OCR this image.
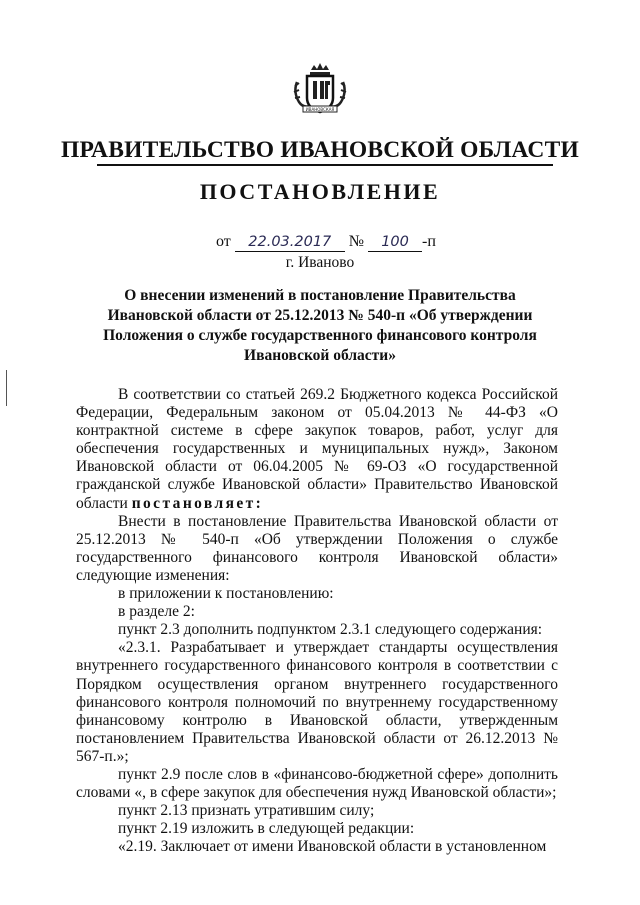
ИВАНОВСКАЯ
ПРАВИТЕЛЬСТВО ИВАНОВСКОЙ ОБЛАСТИ
ПОСТАНОВЛЕНИЕ
от 22.03.2017 № 100 -п
г. Иваново
О внесении изменений в постановление Правительства
Ивановской области от 25.12.2013 № 540-п «Об утверждении
Положения о службе государственного финансового контроля
Ивановской области»

В соответствии со статьей 269.2 Бюджетного кодекса Российской Федерации, Федеральным законом от 05.04.2013 № 44-ФЗ «О контрактной системе в сфере закупок товаров, работ, услуг для обеспечения государственных и муниципальных нужд», Законом Ивановской области от 06.04.2005 № 69-ОЗ «О государственной гражданской службе Ивановской области» Правительство Ивановской области постановляет:

Внести в постановление Правительства Ивановской области от 25.12.2013 № 540-п «Об утверждении Положения о службе государственного финансового контроля Ивановской области» следующие изменения:

в приложении к постановлению:

в разделе 2:

пункт 2.3 дополнить подпунктом 2.3.1 следующего содержания:

«2.3.1. Разрабатывает и утверждает стандарты осуществления внутреннего государственного финансового контроля в соответствии с Порядком осуществления органом внутреннего государственного финансового контроля полномочий по внутреннему государственному финансовому контролю в Ивановской области, утвержденным постановлением Правительства Ивановской области от 26.12.2013 № 567-п.»;

пункт 2.9 после слов в «финансово-бюджетной сфере» дополнить словами «, в сфере закупок для обеспечения нужд Ивановской области»;

пункт 2.13 признать утратившим силу;

пункт 2.19 изложить в следующей редакции:

«2.19. Заключает от имени Ивановской области в установленном
